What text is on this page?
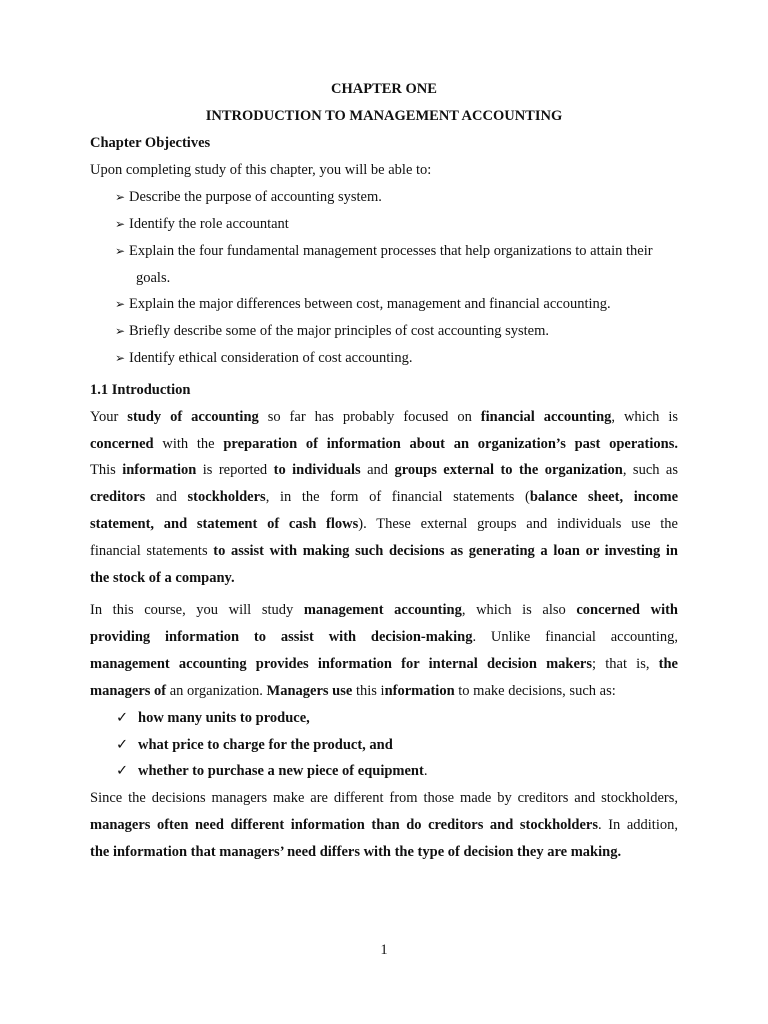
CHAPTER ONE
INTRODUCTION TO MANAGEMENT ACCOUNTING
Chapter Objectives
Upon completing study of this chapter, you will be able to:
➢ Describe the purpose of accounting system.
➢ Identify the role accountant
➢ Explain the four fundamental management processes that help organizations to attain their
goals.
➢ Explain the major differences between cost, management and financial accounting.
➢ Briefly describe some of the major principles of cost accounting system.
➢ Identify ethical consideration of cost accounting.
1.1 Introduction
Your study of accounting so far has probably focused on financial accounting, which is
concerned with the preparation of information about an organization’s past operations.
This information is reported to individuals and groups external to the organization, such as
creditors and stockholders, in the form of financial statements (balance sheet, income
statement, and statement of cash flows). These external groups and individuals use the
financial statements to assist with making such decisions as generating a loan or investing in
the stock of a company.
In this course, you will study management accounting, which is also concerned with
providing information to assist with decision-making. Unlike financial accounting,
management accounting provides information for internal decision makers; that is, the
managers of an organization. Managers use this information to make decisions, such as:
✓ how many units to produce,
✓ what price to charge for the product, and
✓ whether to purchase a new piece of equipment.
Since the decisions managers make are different from those made by creditors and stockholders,
managers often need different information than do creditors and stockholders. In addition,
the information that managers’ need differs with the type of decision they are making.
1
